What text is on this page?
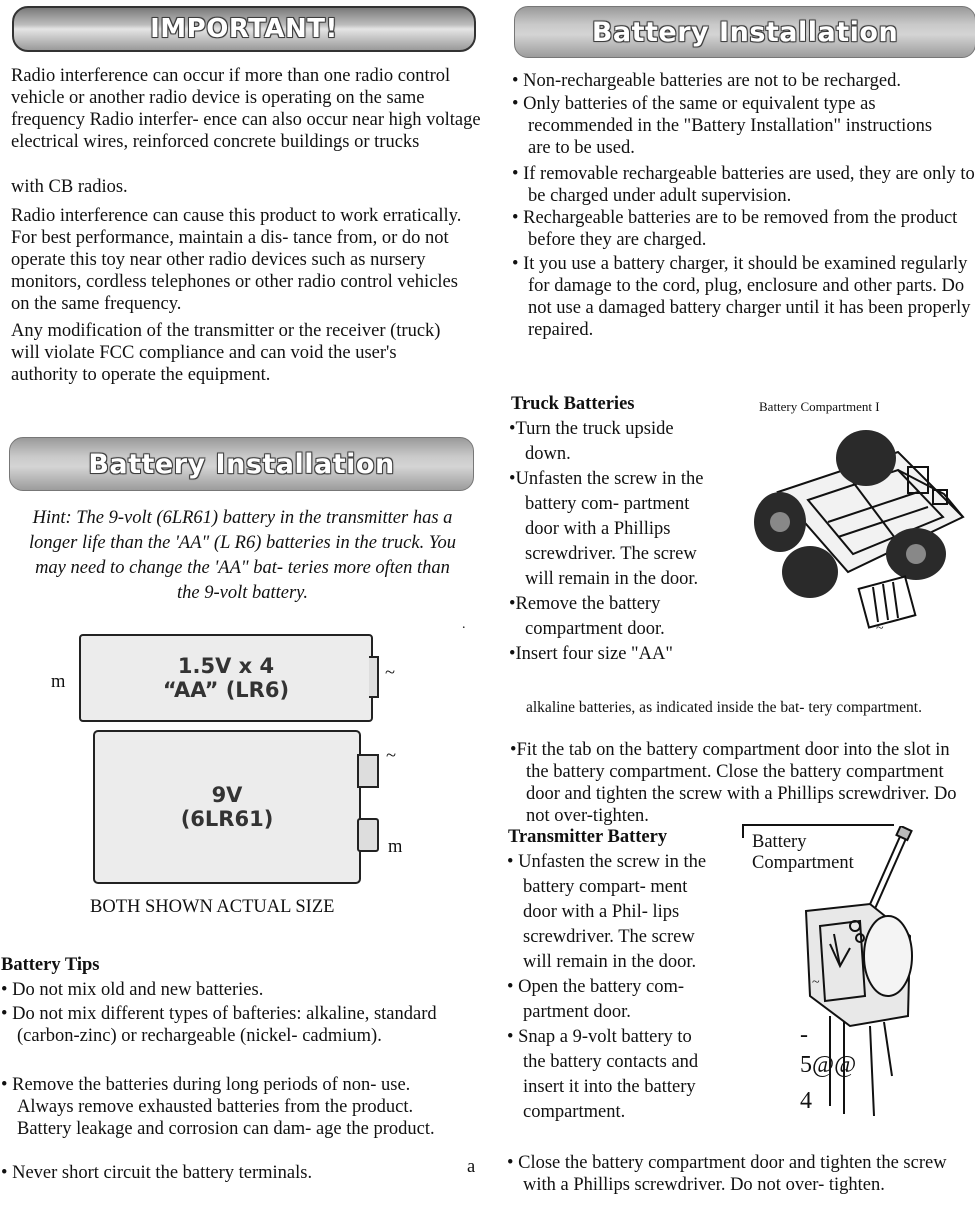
IMPORTANT!
Radio interference can occur if more than one radio control vehicle or another radio device is operating on the same frequency Radio interfer- ence can also occur near high voltage electrical wires, reinforced concrete buildings or trucks
with CB radios.
Radio interference can cause this product to work erratically. For best performance, maintain a dis- tance from, or do not operate this toy near other radio devices such as nursery monitors, cordless telephones or other radio control vehicles on the same frequency.
Any modification of the transmitter or the receiver (truck) will violate FCC compliance and can void the user's authority to operate the equipment.
Battery Installation
Hint: The 9-volt (6LR61) battery in the transmitter has a longer life than the 'AA" (L R6) batteries in the truck. You may need to change the 'AA" bat- teries more often than the 9-volt battery.
.
m
1.5V x 4
“AA” (LR6)
~
9V
(6LR61)
~
m
BOTH SHOWN ACTUAL SIZE
Battery Tips
• Do not mix old and new batteries.
• Do not mix different types of bafteries: alkaline, standard (carbon-zinc) or rechargeable (nickel- cadmium).
• Remove the batteries during long periods of non- use. Always remove exhausted batteries from the product. Battery leakage and corrosion can dam- age the product.
• Never short circuit the battery terminals.	a
Battery Installation
• Non-rechargeable batteries are not to be recharged.
• Only batteries of the same or equivalent type as recommended in the "Battery Installation" instructions are to be used.
• If removable rechargeable batteries are used, they are only to be charged under adult supervision.
• Rechargeable batteries are to be removed from the product before they are charged.
• It you use a battery charger, it should be examined regularly for damage to the cord, plug, enclosure and other parts. Do not use a damaged battery charger until it has been properly repaired.
Truck Batteries	Battery Compartment I
•Turn the truck upside down.
•Unfasten the screw in the battery com- partment door with a Phillips screwdriver. The screw will remain in the door.
•Remove the battery compartment door.
•Insert four size "AA"
~
alkaline batteries, as indicated inside the bat- tery compartment.
•Fit the tab on the battery compartment door into the slot in the battery compartment. Close the battery compartment door and tighten the screw with a Phillips screwdriver. Do not over-tighten.
Transmitter Battery	Battery
Compartment
• Unfasten the screw in the battery compart- ment door with a Phil- lips screwdriver. The screw will remain in the door.
• Open the battery com- partment door.
• Snap a 9-volt battery to the battery contacts and insert it into the battery compartment.
~
-
5@@
4
• Close the battery compartment door and tighten the screw with a Phillips screwdriver. Do not over- tighten.
